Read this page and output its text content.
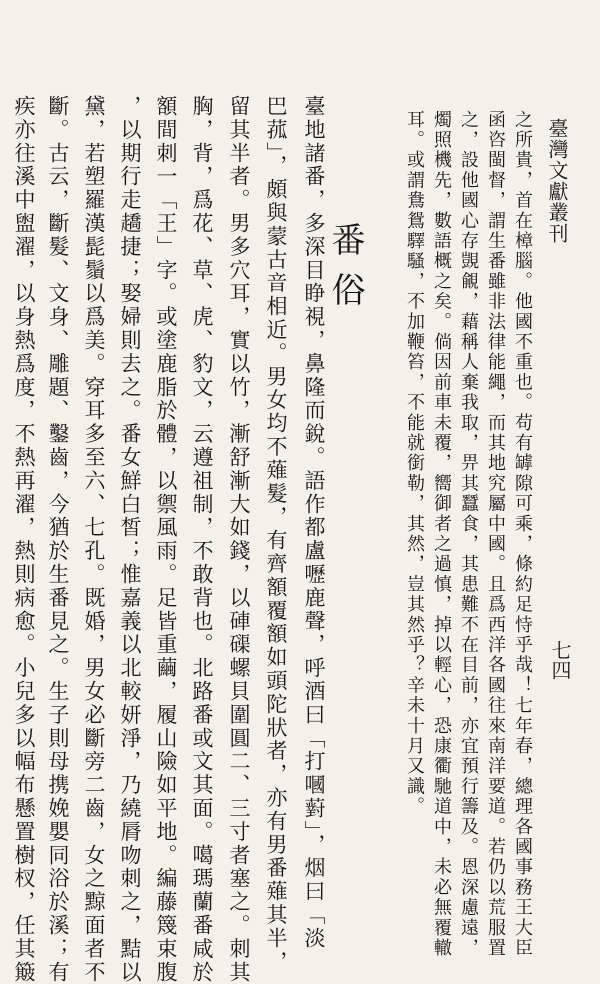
臺灣文獻叢刊
七四
之所貴，首在樟腦。他國不重也。苟有罅隙可乘，條約足恃乎哉！七年春，總理各國事務王大臣
函咨閩督，謂生番雖非法律能繩，而其地究屬中國。且爲西洋各國往來南洋要道。若仍以荒服置
之，設他國心存覬覦，藉稱人棄我取，畀其蠶食，其患難不在目前，亦宜預行籌及。恩深慮遠，
燭照機先，數語概之矣。倘因前車未覆，嚮御者之過慎，掉以輕心，恐康衢馳道中，未必無覆轍
耳。或謂鴦鴛驛騷，不加鞭笞，不能就銜勒，其然，豈其然乎？辛未十月又識。
番俗
臺地諸番，多深目睁視，鼻隆而銳。語作都盧嚦鹿聲，呼酒曰「打嘓薱」，烟曰「淡
巴菰」，頗與蒙古音相近。男女均不薙髮，有齊額覆額如頭陀狀者，亦有男番薙其半，
留其半者。男多穴耳，實以竹，漸舒漸大如錢，以硨磲螺貝圍圓二、三寸者塞之。刺其
胸，背，爲花、草、虎、豹文，云遵祖制，不敢背也。北路番或文其面。噶瑪蘭番咸於
額間刺一「王」字。或塗鹿脂於體，以禦風雨。足皆重繭，履山險如平地。編藤篾束腹
，以期行走趫捷；娶婦則去之。番女鮮白皙；惟嘉義以北較妍淨，乃繞脣吻刺之，黠以
黛，若塑羅漢髭鬚以爲美。穿耳多至六、七孔。既婚，男女必斷旁二齒，女之黥面者不
斷。古云，斷髮、文身、雕題、鑿齒，今猶於生番見之。生子則母携娩嬰同浴於溪；有
疾亦往溪中盥濯，以身熱爲度，不熱再濯，熱則病愈。小兒多以幅布懸置樹杈，任其簸
